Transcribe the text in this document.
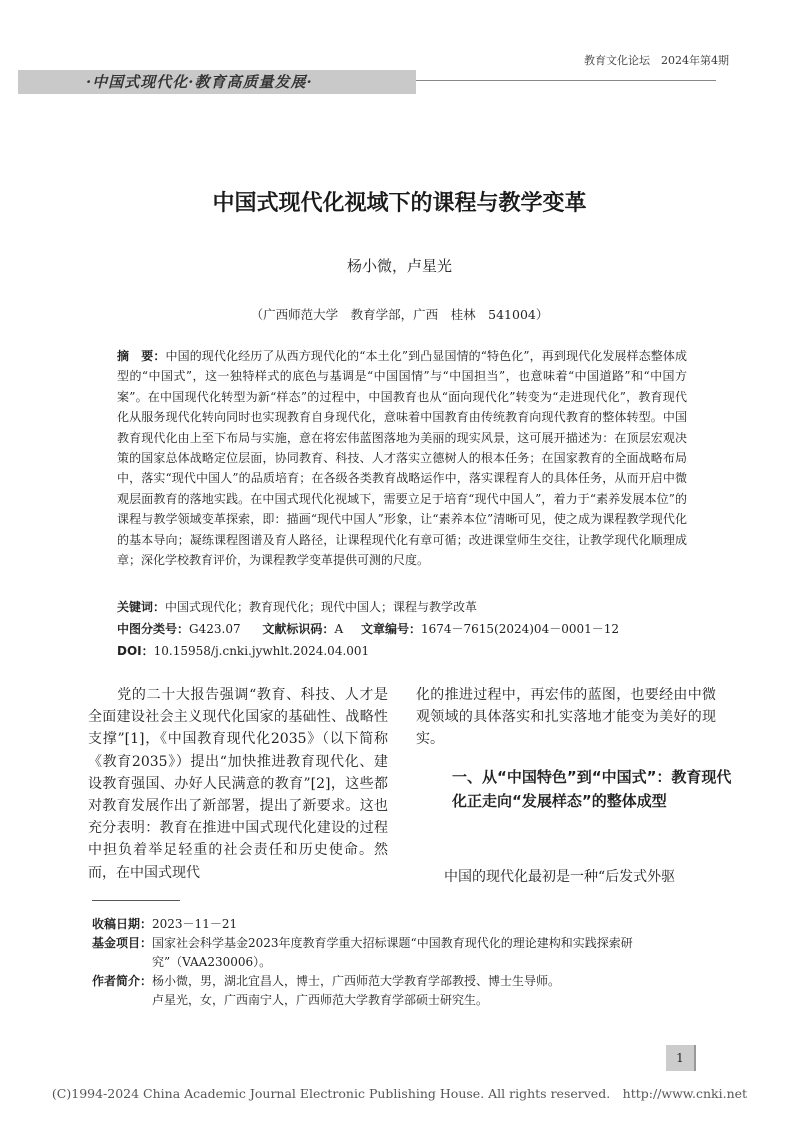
教育文化论坛　2024年第4期
·中国式现代化·教育高质量发展·
中国式现代化视域下的课程与教学变革
杨小微，卢星光
（广西师范大学　教育学部，广西　桂林　541004）

摘　要：中国的现代化经历了从西方现代化的“本土化”到凸显国情的“特色化”，再到现代化发展样态整体成型的“中国式”，这一独特样式的底色与基调是“中国国情”与“中国担当”，也意味着“中国道路”和“中国方案”。在中国现代化转型为新“样态”的过程中，中国教育也从“面向现代化”转变为“走进现代化”，教育现代化从服务现代化转向同时也实现教育自身现代化，意味着中国教育由传统教育向现代教育的整体转型。中国教育现代化由上至下布局与实施，意在将宏伟蓝图落地为美丽的现实风景，这可展开描述为：在顶层宏观决策的国家总体战略定位层面，协同教育、科技、人才落实立德树人的根本任务；在国家教育的全面战略布局中，落实“现代中国人”的品质培育；在各级各类教育战略运作中，落实课程育人的具体任务，从而开启中微观层面教育的落地实践。在中国式现代化视域下，需要立足于培育“现代中国人”，着力于“素养发展本位”的课程与教学领域变革探索，即：描画“现代中国人”形象，让“素养本位”清晰可见，使之成为课程教学现代化的基本导向；凝练课程图谱及育人路径，让课程现代化有章可循；改进课堂师生交往，让教学现代化顺理成章；深化学校教育评价，为课程教学变革提供可测的尺度。

关键词：中国式现代化；教育现代化；现代中国人；课程与教学改革
中图分类号：G423.07 文献标识码：A 文章编号：1674－7615(2024)04－0001－12
DOI：10.15958/j.cnki.jywhlt.2024.04.001

　　党的二十大报告强调“教育、科技、人才是全面建设社会主义现代化国家的基础性、战略性支撑”[1]，《中国教育现代化2035》（以下简称《教育2035》）提出“加快推进教育现代化、建设教育强国、办好人民满意的教育”[2]，这些都对教育发展作出了新部署，提出了新要求。这也充分表明：教育在推进中国式现代化建设的过程中担负着举足轻重的社会责任和历史使命。然而，在中国式现代

化的推进过程中，再宏伟的蓝图，也要经由中微观领域的具体落实和扎实落地才能变为美好的现实。

一、从“中国特色”到“中国式”：教育现代化正走向“发展样态”的整体成型

　　中国的现代化最初是一种“后发式外驱

收稿日期： 2023－11－21
基金项目： 国家社会科学基金2023年度教育学重大招标课题“中国教育现代化的理论建构和实践探索研究”（VAA230006）。
作者简介： 杨小微，男，湖北宜昌人，博士，广西师范大学教育学部教授、博士生导师。
卢星光，女，广西南宁人，广西师范大学教育学部硕士研究生。
1
(C)1994-2024 China Academic Journal Electronic Publishing House. All rights reserved.　http://www.cnki.net
